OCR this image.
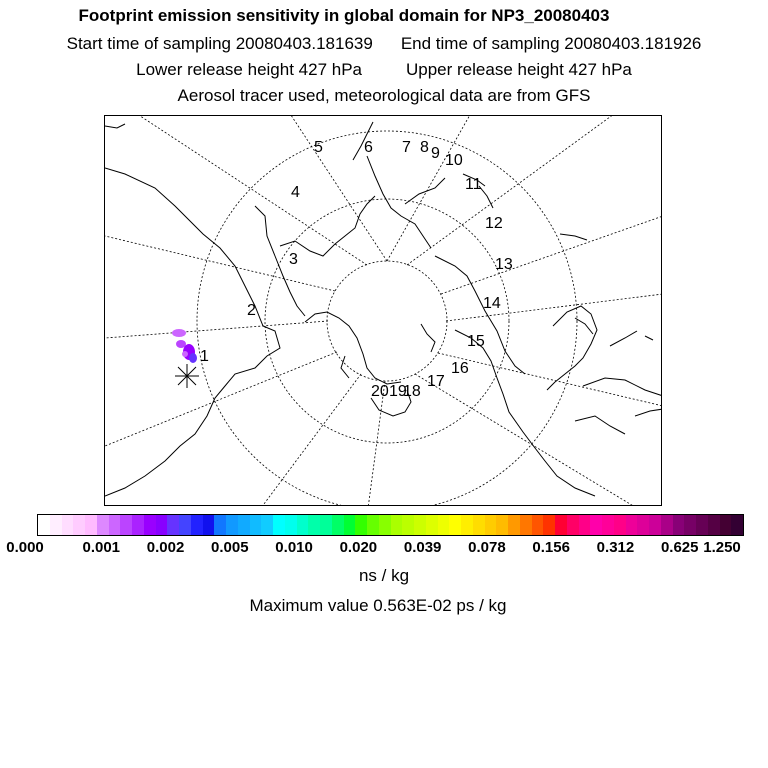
Footprint emission sensitivity in global domain for NP3_20080403
Start time of sampling 20080403.181639 End time of sampling 20080403.181926
Lower release height 427 hPa	Upper release height 427 hPa
Aerosol tracer used, meteorological data are from GFS
1
2
3
4
5	6 7 8 9 10
11
12
13
14
15
16
17
18
19
20
0.000	0.001 0.002 0.005 0.010 0.020 0.039 0.078 0.156 0.312 0.625 1.250
ns / kg
Maximum value 0.563E-02 ps / kg
